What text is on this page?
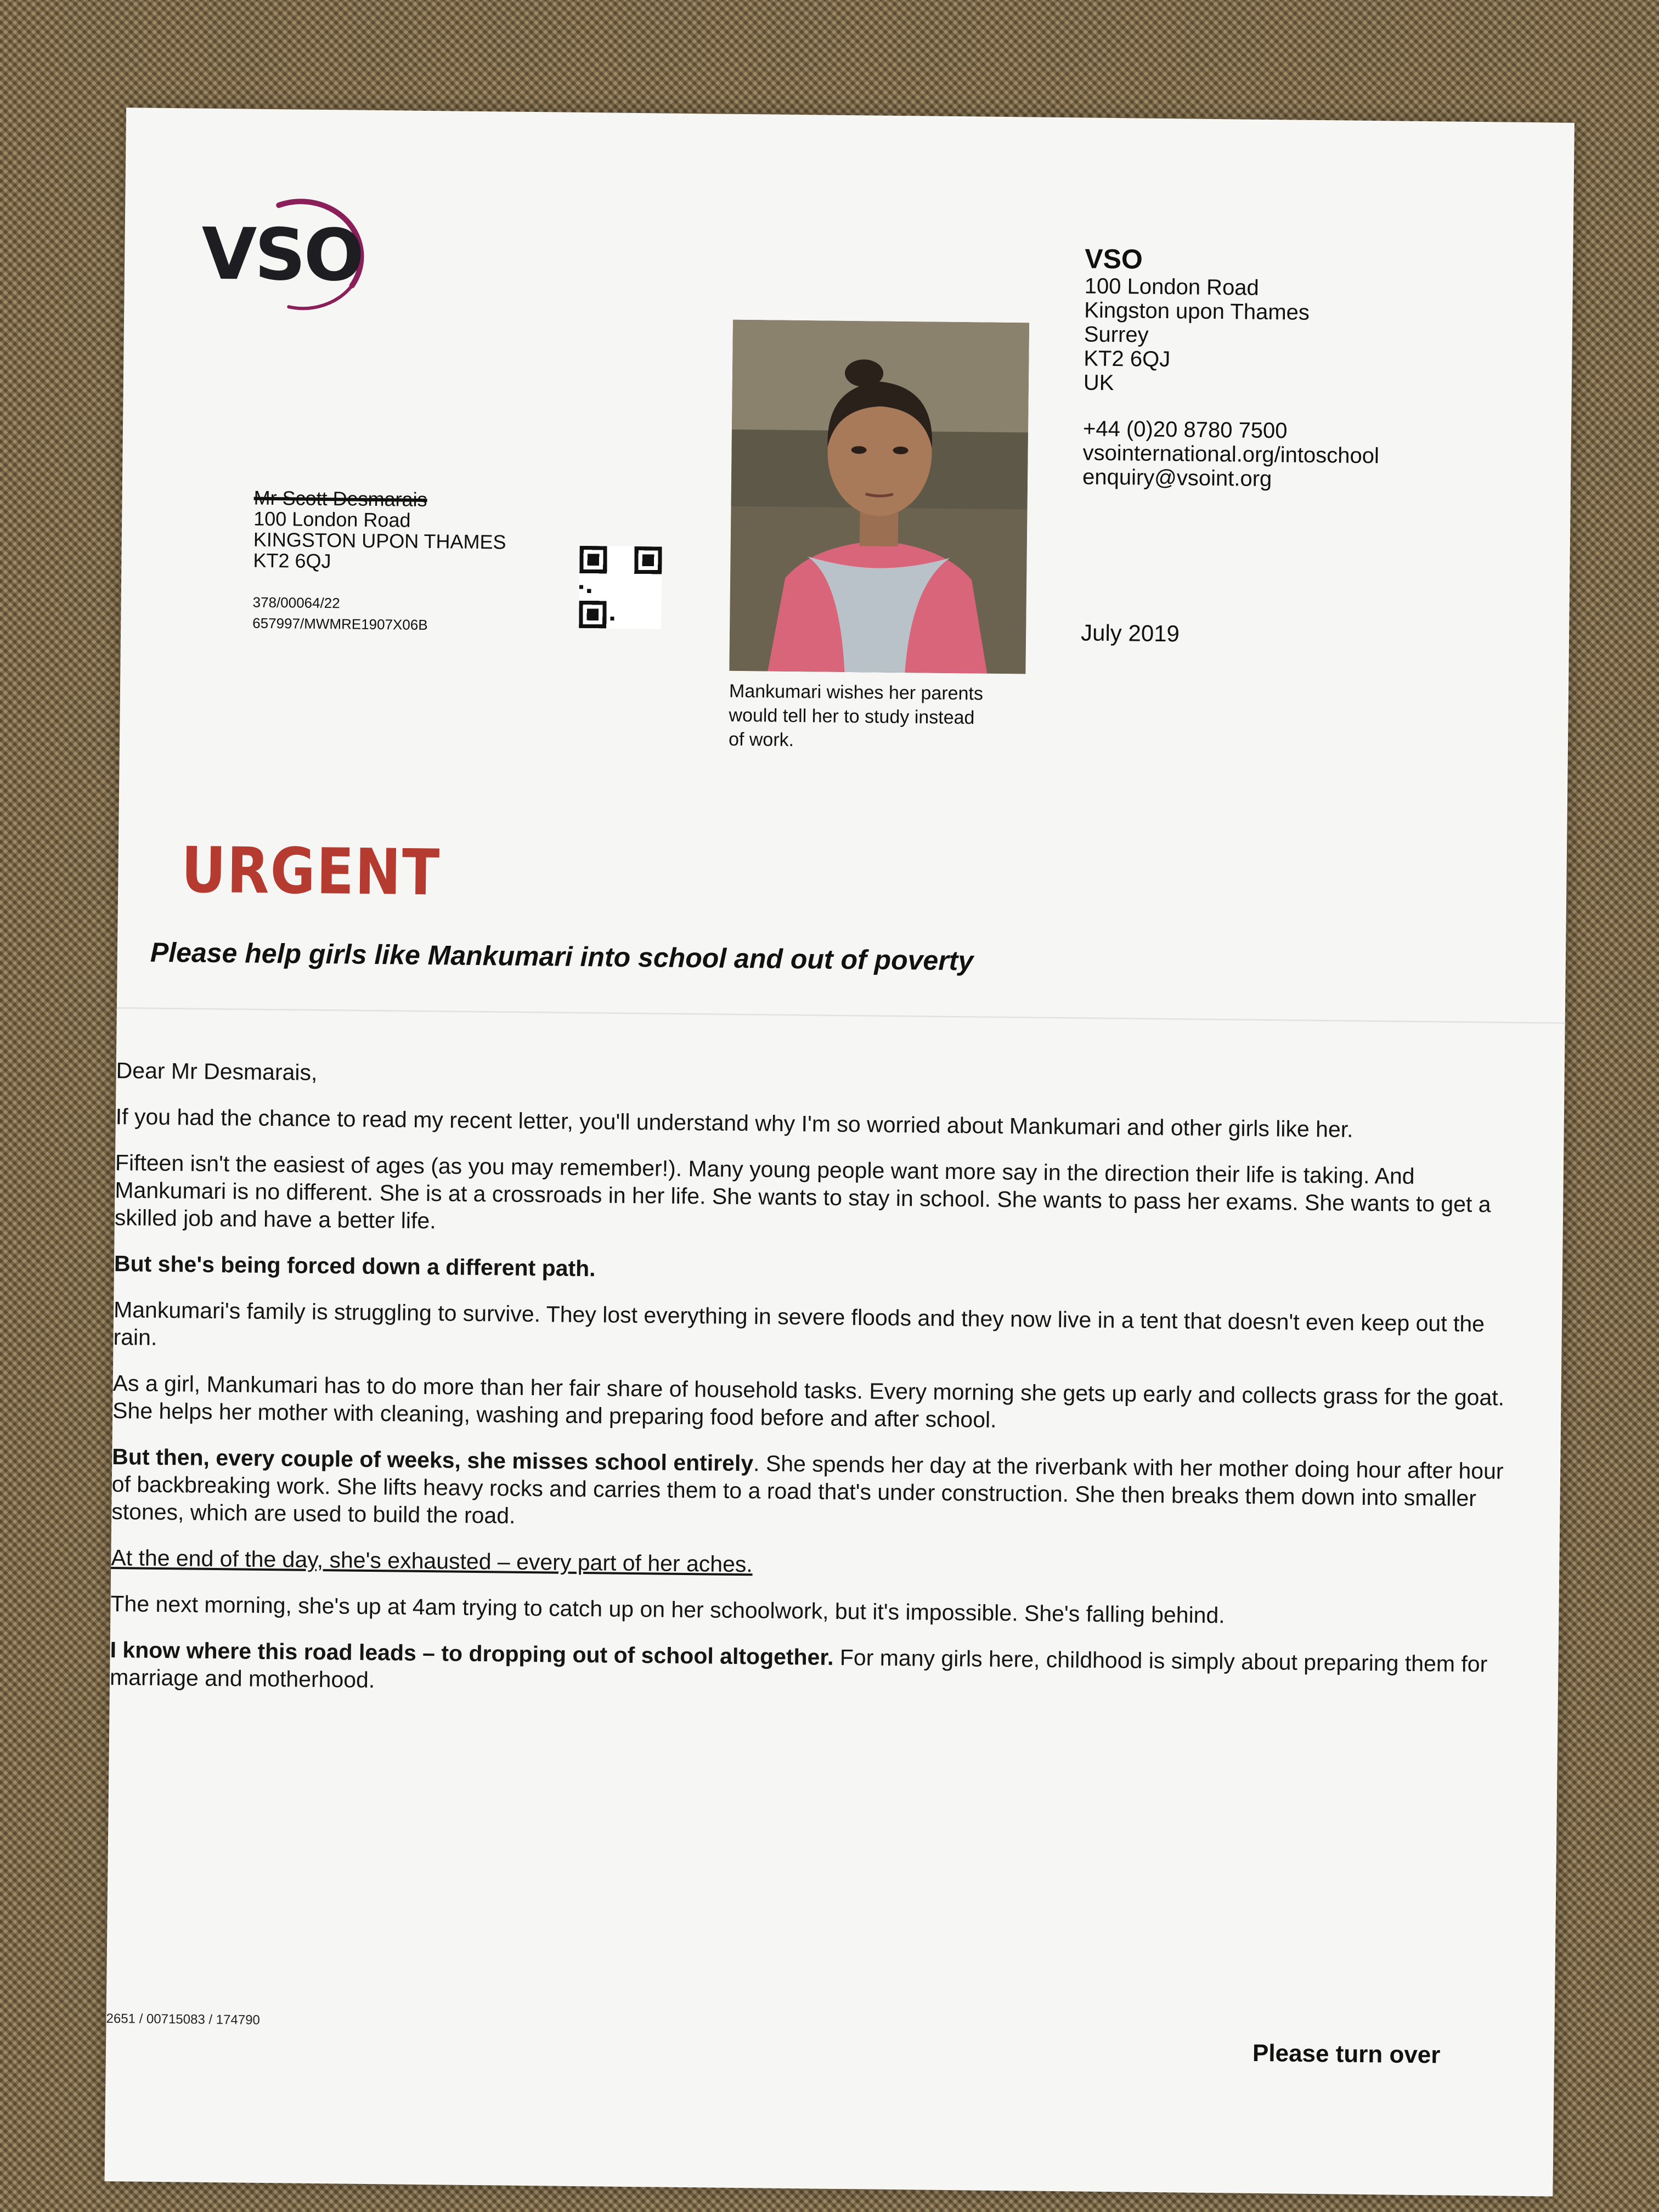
VSO	VSO
100 London Road
Kingston upon Thames
Surrey
KT2 6QJ
UK
+44 (0)20 8780 7500
vsointernational.org/intoschool
enquiry@vsoint.org
July 2019
Mankumari wishes her parents would tell her to study instead of work.
Mr Scott Desmarais
100 London Road
KINGSTON UPON THAMES
KT2 6QJ
378/00064/22
657997/MWMRE1907X06B
URGENT
Please help girls like Mankumari into school and out of poverty

Dear Mr Desmarais,

If you had the chance to read my recent letter, you'll understand why I'm so worried about Mankumari and other girls like her.

Fifteen isn't the easiest of ages (as you may remember!). Many young people want more say in the direction their life is taking. And Mankumari is no different. She is at a crossroads in her life. She wants to stay in school. She wants to pass her exams. She wants to get a skilled job and have a better life.

But she's being forced down a different path.

Mankumari's family is struggling to survive. They lost everything in severe floods and they now live in a tent that doesn't even keep out the rain.

As a girl, Mankumari has to do more than her fair share of household tasks. Every morning she gets up early and collects grass for the goat. She helps her mother with cleaning, washing and preparing food before and after school.

But then, every couple of weeks, she misses school entirely. She spends her day at the riverbank with her mother doing hour after hour of backbreaking work. She lifts heavy rocks and carries them to a road that's under construction. She then breaks them down into smaller stones, which are used to build the road.

At the end of the day, she's exhausted – every part of her aches.

The next morning, she's up at 4am trying to catch up on her schoolwork, but it's impossible. She's falling behind.

I know where this road leads – to dropping out of school altogether. For many girls here, childhood is simply about preparing them for marriage and motherhood.

2651 / 00715083 / 174790
Please turn over
